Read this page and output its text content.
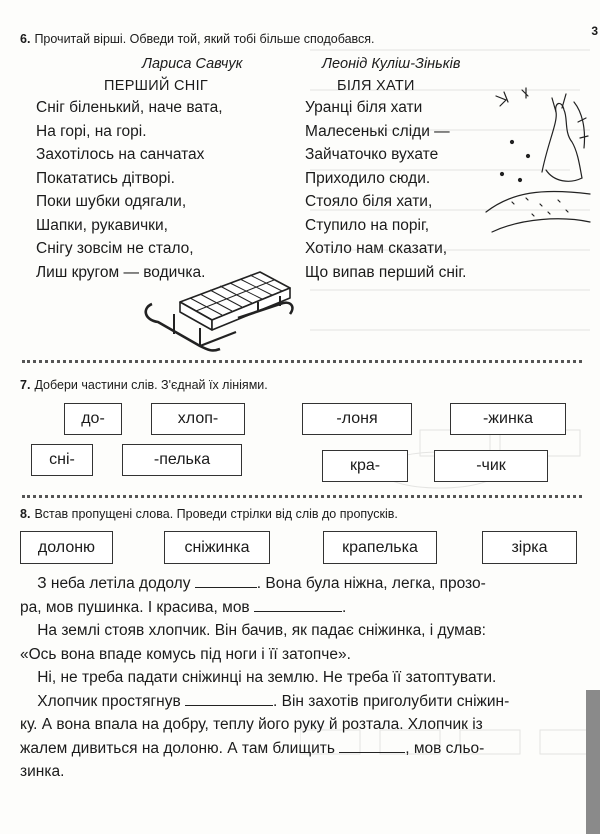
3
6. Прочитай вірші. Обведи той, який тобі більше сподобався.
Лариса Савчук
ПЕРШИЙ СНІГ
Сніг біленький, наче вата,
На горі, на горі.
Захотілось на санчатах
Покататись дітворі.
Поки шубки одягали,
Шапки, рукавички,
Снігу зовсім не стало,
Лиш кругом — водичка.
Леонід Куліш-Зіньків
БІЛЯ ХАТИ
Уранці біля хати
Малесенькі сліди —
Зайчаточко вухате
Приходило сюди.
Стояло біля хати,
Ступило на поріг,
Хотіло нам сказати,
Що випав перший сніг.
7. Добери частини слів. З'єднай їх лініями.
до-	хлоп-
сні-	-пелька
-лоня	-жинка
кра-	-чик
8. Встав пропущені слова. Проведи стрілки від слів до пропусків.
долоню	сніжинка	крапелька	зірка

З неба летіла додолу	. Вона була ніжна, легка, прозо-

ра, мов пушинка. І красива, мов	.

На землі стояв хлопчик. Він бачив, як падає сніжинка, і думав:

«Ось вона впаде комусь під ноги і її затопче».

Ні, не треба падати сніжинці на землю. Не треба її затоптувати.

Хлопчик простягнув	. Він захотів приголубити сніжин-

ку. А вона впала на добру, теплу його руку й розтала. Хлопчик із

жалем дивиться на долоню. А там блищить	, мов сльо-

зинка.
